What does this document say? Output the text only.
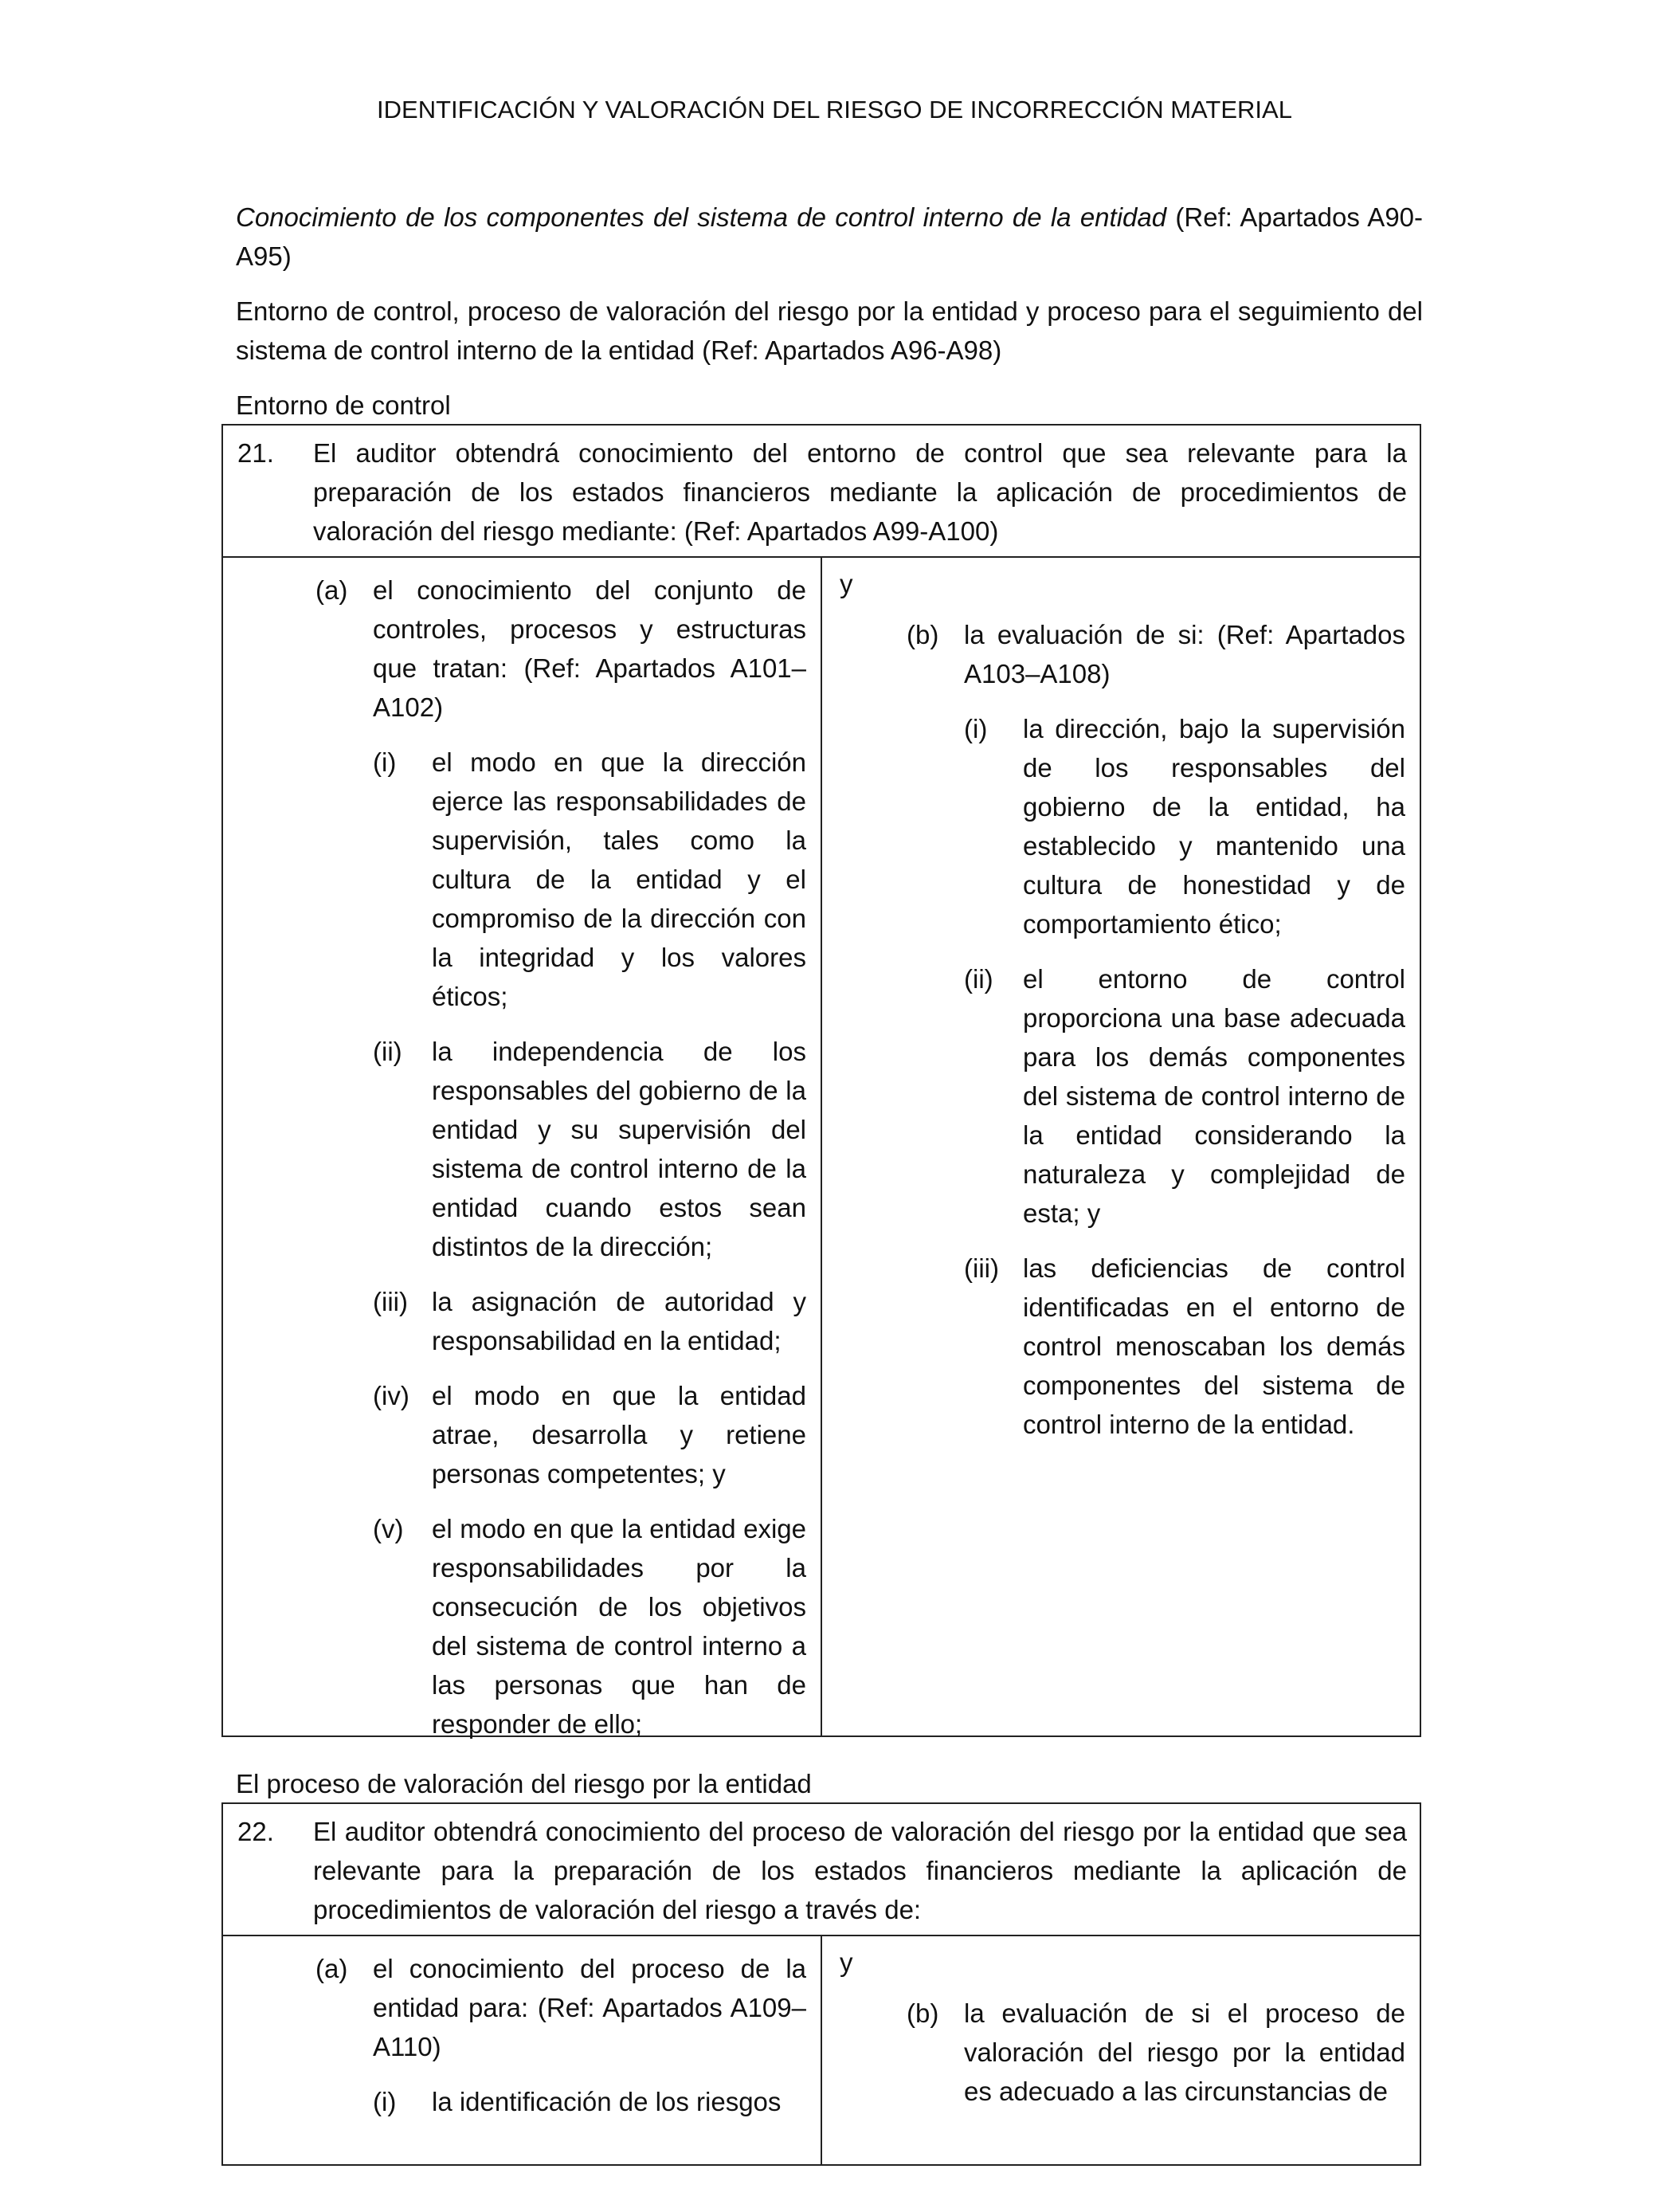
IDENTIFICACIÓN Y VALORACIÓN DEL RIESGO DE INCORRECCIÓN MATERIAL

Conocimiento de los componentes del sistema de control interno de la entidad (Ref: Apartados A90-A95)

Entorno de control, proceso de valoración del riesgo por la entidad y proceso para el seguimiento del sistema de control interno de la entidad (Ref: Apartados A96-A98)

Entorno de control

21. El auditor obtendrá conocimiento del entorno de control que sea relevante para la preparación de los estados financieros mediante la aplicación de procedimientos de valoración del riesgo mediante: (Ref: Apartados A99-A100)
(a) el conocimiento del conjunto de controles, procesos y estructuras que tratan: (Ref: Apartados A101–A102)
(i)	el modo en que la dirección ejerce las responsabilidades de supervisión, tales como la cultura de la entidad y el compromiso de la dirección con la integridad y los valores éticos;
(ii)	la independencia de los responsables del gobierno de la entidad y su supervisión del sistema de control interno de la entidad cuando estos sean distintos de la dirección;
(iii) la asignación de autoridad y responsabilidad en la entidad;
(iv) el modo en que la entidad atrae, desarrolla y retiene personas competentes; y
(v)	el modo en que la entidad exige responsabilidades por la consecución de los objetivos del sistema de control interno a las personas que han de responder de ello;
y
(b) la evaluación de si: (Ref: Apartados A103–A108)
(i)	la dirección, bajo la supervisión de los responsables del gobierno de la entidad, ha establecido y mantenido una cultura de honestidad y de comportamiento ético;
(ii)	el entorno de control proporciona una base adecuada para los demás componentes del sistema de control interno de la entidad considerando la naturaleza y complejidad de esta; y
(iii) las deficiencias de control identificadas en el entorno de control menoscaban los demás componentes del sistema de control interno de la entidad.

El proceso de valoración del riesgo por la entidad

22. El auditor obtendrá conocimiento del proceso de valoración del riesgo por la entidad que sea relevante para la preparación de los estados financieros mediante la aplicación de procedimientos de valoración del riesgo a través de:
(a) el conocimiento del proceso de la entidad para: (Ref: Apartados A109–A110)
(i)	la identificación de los riesgos
y
(b) la evaluación de si el proceso de valoración del riesgo por la entidad es adecuado a las circunstancias de
